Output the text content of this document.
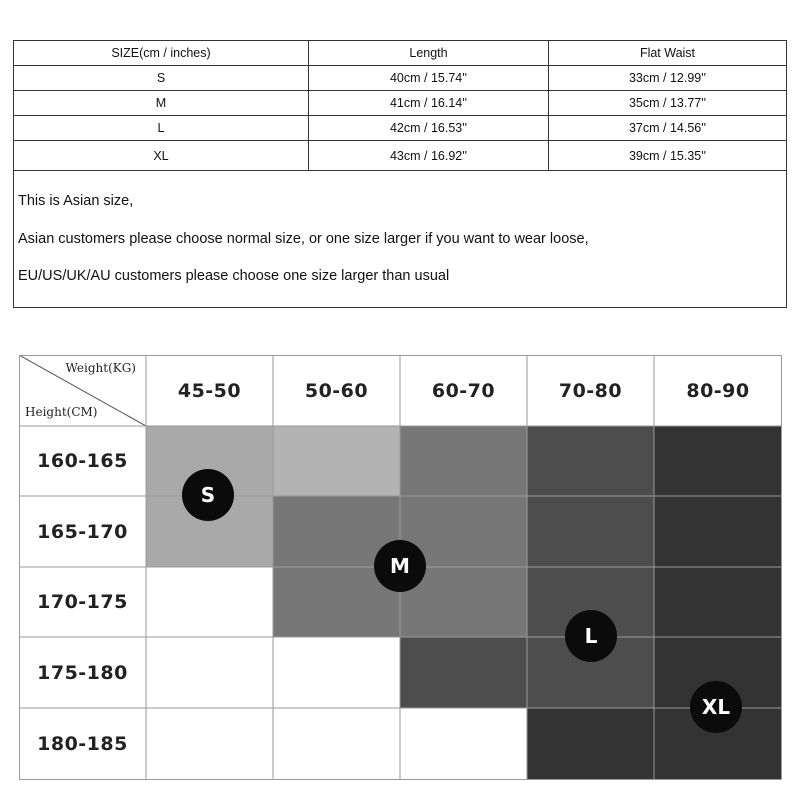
SIZE(cm / inches)	Length	Flat Waist
S	40cm / 15.74''	33cm / 12.99''
M	41cm / 16.14''	35cm / 13.77''
L	42cm / 16.53''	37cm / 14.56''
XL	43cm / 16.92''	39cm / 15.35''
This is Asian size,
Asian customers please choose normal size, or one size larger if you want to wear loose,
EU/US/UK/AU customers please choose one size larger than usual
Weight(KG)
Height(CM)
45-50	50-60	60-70	70-80	80-90
160-165
165-170
170-175
175-180
180-185
S
M
L
XL
